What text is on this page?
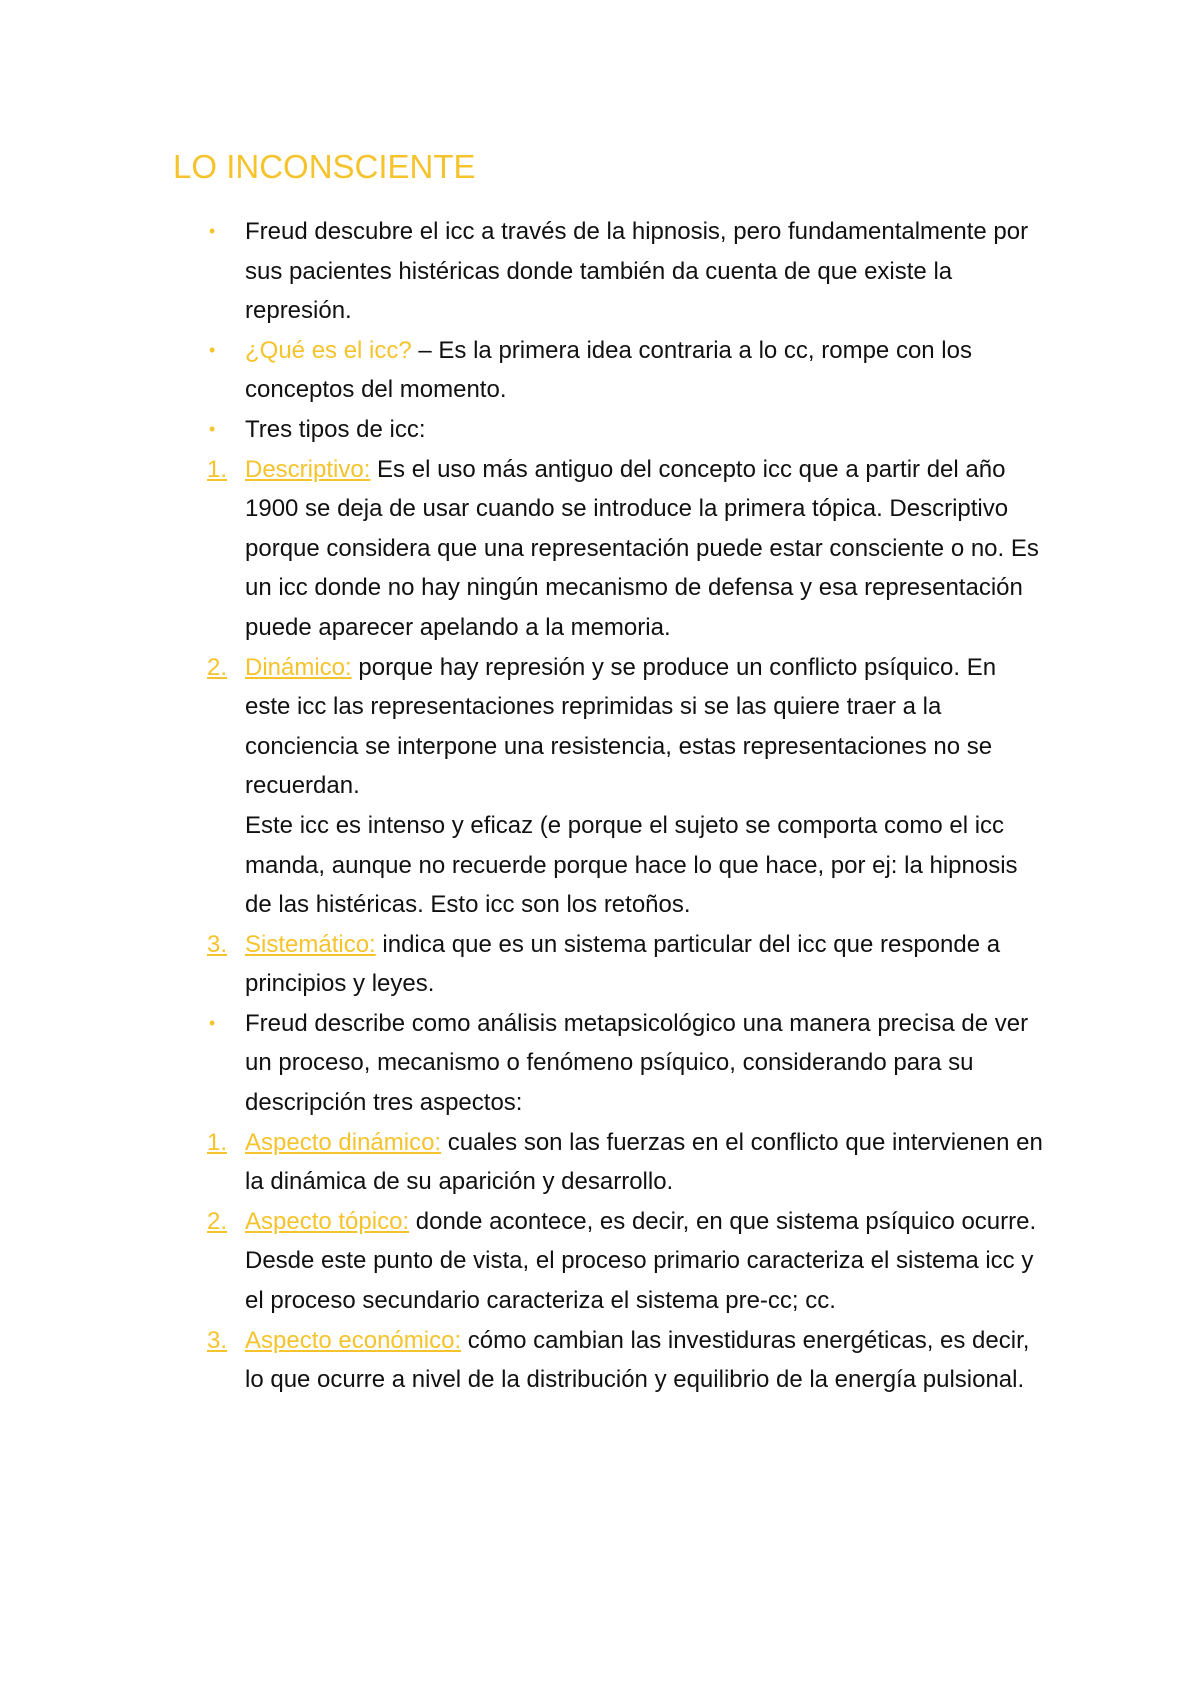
LO INCONSCIENTE
• Freud descubre el icc a través de la hipnosis, pero fundamentalmente por sus pacientes histéricas donde también da cuenta de que existe la represión.
• ¿Qué es el icc? – Es la primera idea contraria a lo cc, rompe con los conceptos del momento.
• Tres tipos de icc:
1. Descriptivo: Es el uso más antiguo del concepto icc que a partir del año 1900 se deja de usar cuando se introduce la primera tópica. Descriptivo porque considera que una representación puede estar consciente o no. Es un icc donde no hay ningún mecanismo de defensa y esa representación puede aparecer apelando a la memoria.
2. Dinámico: porque hay represión y se produce un conflicto psíquico. En este icc las representaciones reprimidas si se las quiere traer a la conciencia se interpone una resistencia, estas representaciones no se recuerdan.
Este icc es intenso y eficaz (e porque el sujeto se comporta como el icc manda, aunque no recuerde porque hace lo que hace, por ej: la hipnosis de las histéricas. Esto icc son los retoños.
3. Sistemático: indica que es un sistema particular del icc que responde a principios y leyes.
• Freud describe como análisis metapsicológico una manera precisa de ver un proceso, mecanismo o fenómeno psíquico, considerando para su descripción tres aspectos:
1. Aspecto dinámico: cuales son las fuerzas en el conflicto que intervienen en la dinámica de su aparición y desarrollo.
2. Aspecto tópico: donde acontece, es decir, en que sistema psíquico ocurre. Desde este punto de vista, el proceso primario caracteriza el sistema icc y el proceso secundario caracteriza el sistema pre-cc; cc.
3. Aspecto económico: cómo cambian las investiduras energéticas, es decir, lo que ocurre a nivel de la distribución y equilibrio de la energía pulsional.
